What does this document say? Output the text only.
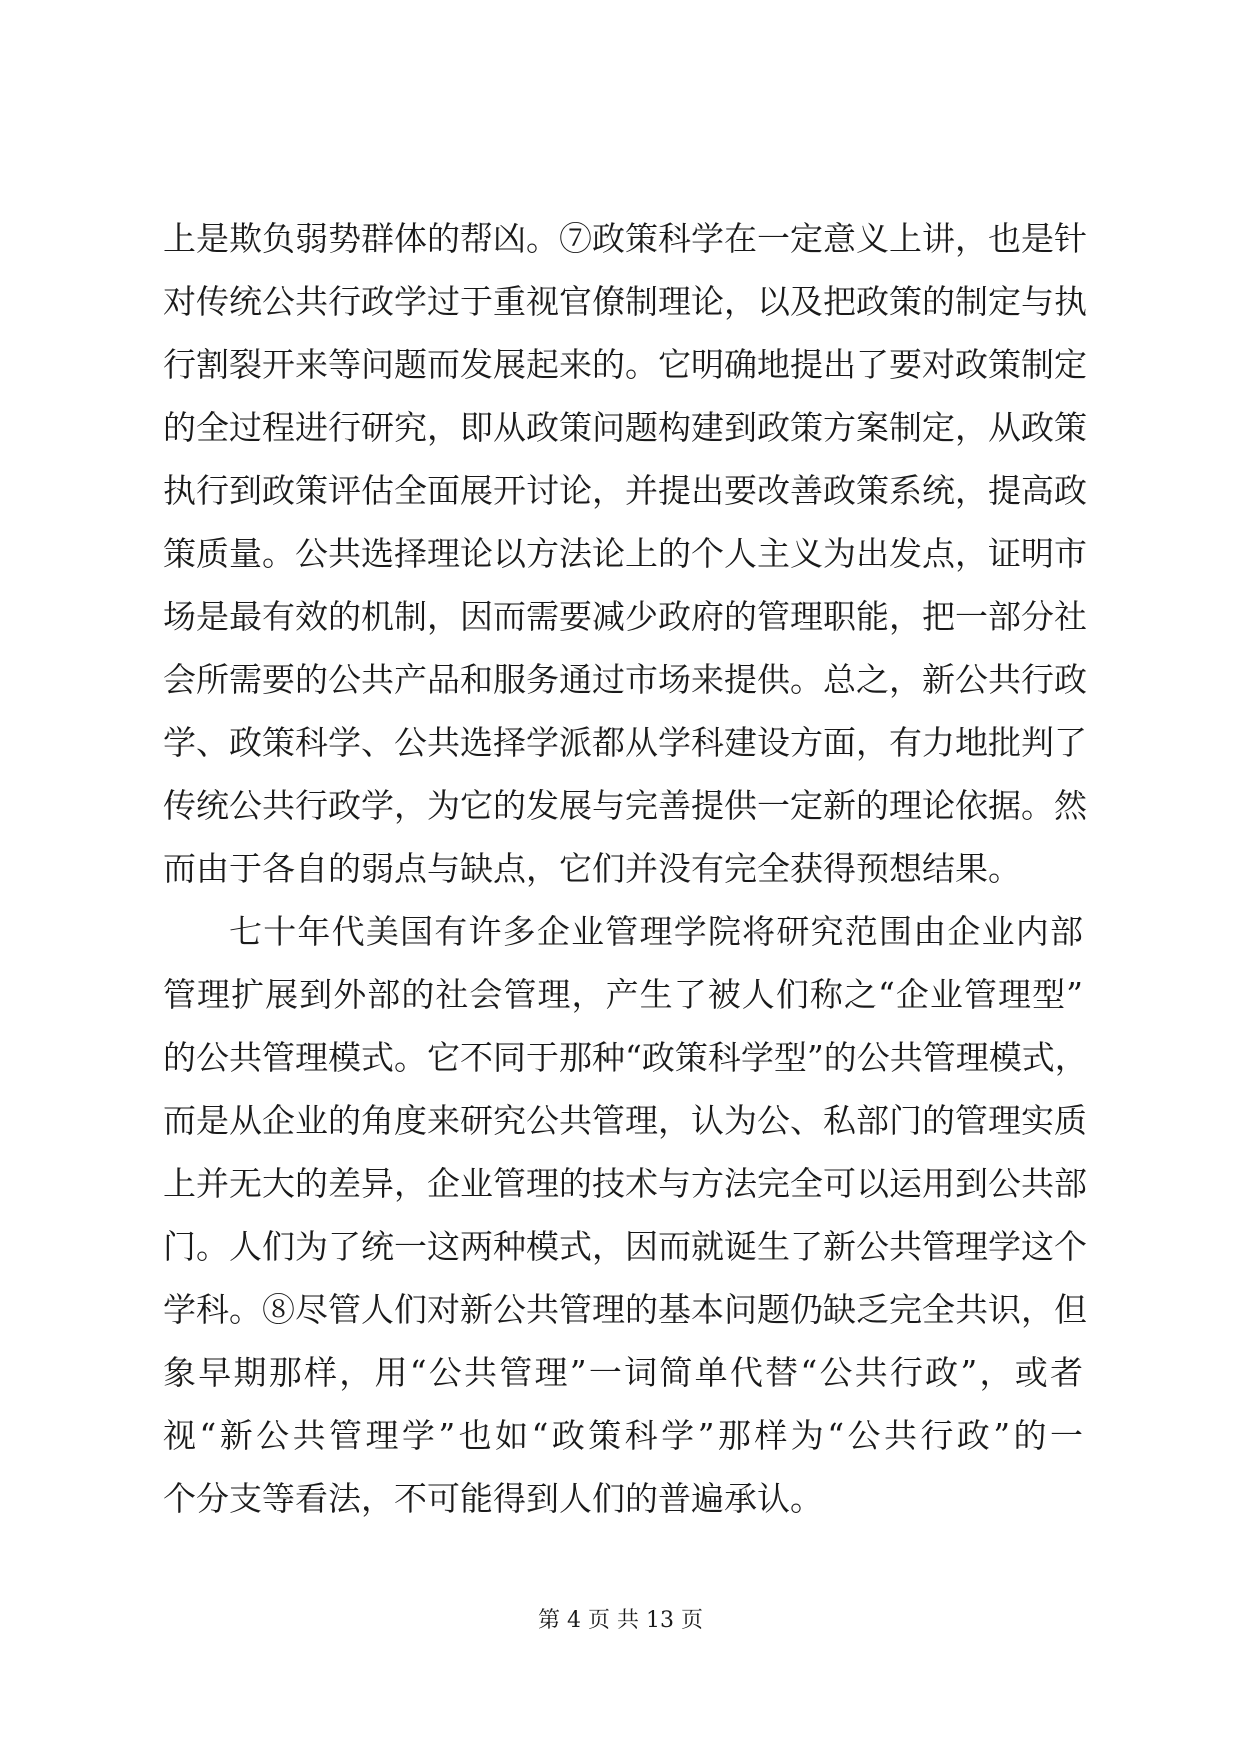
上是欺负弱势群体的帮凶。⑦政策科学在一定意义上讲，也是针
对传统公共行政学过于重视官僚制理论，以及把政策的制定与执
行割裂开来等问题而发展起来的。它明确地提出了要对政策制定
的全过程进行研究，即从政策问题构建到政策方案制定，从政策
执行到政策评估全面展开讨论，并提出要改善政策系统，提高政
策质量。公共选择理论以方法论上的个人主义为出发点，证明市
场是最有效的机制，因而需要减少政府的管理职能，把一部分社
会所需要的公共产品和服务通过市场来提供。总之，新公共行政
学、政策科学、公共选择学派都从学科建设方面，有力地批判了
传统公共行政学，为它的发展与完善提供一定新的理论依据。然
而由于各自的弱点与缺点，它们并没有完全获得预想结果。
七十年代美国有许多企业管理学院将研究范围由企业内部
管理扩展到外部的社会管理，产生了被人们称之“企业管理型”
的公共管理模式。它不同于那种“政策科学型”的公共管理模式，
而是从企业的角度来研究公共管理，认为公、私部门的管理实质
上并无大的差异，企业管理的技术与方法完全可以运用到公共部
门。人们为了统一这两种模式，因而就诞生了新公共管理学这个
学科。⑧尽管人们对新公共管理的基本问题仍缺乏完全共识，但
象早期那样，用“公共管理”一词简单代替“公共行政”，或者
视“新公共管理学”也如“政策科学”那样为“公共行政”的一
个分支等看法，不可能得到人们的普遍承认。
第 4 页 共 13 页
